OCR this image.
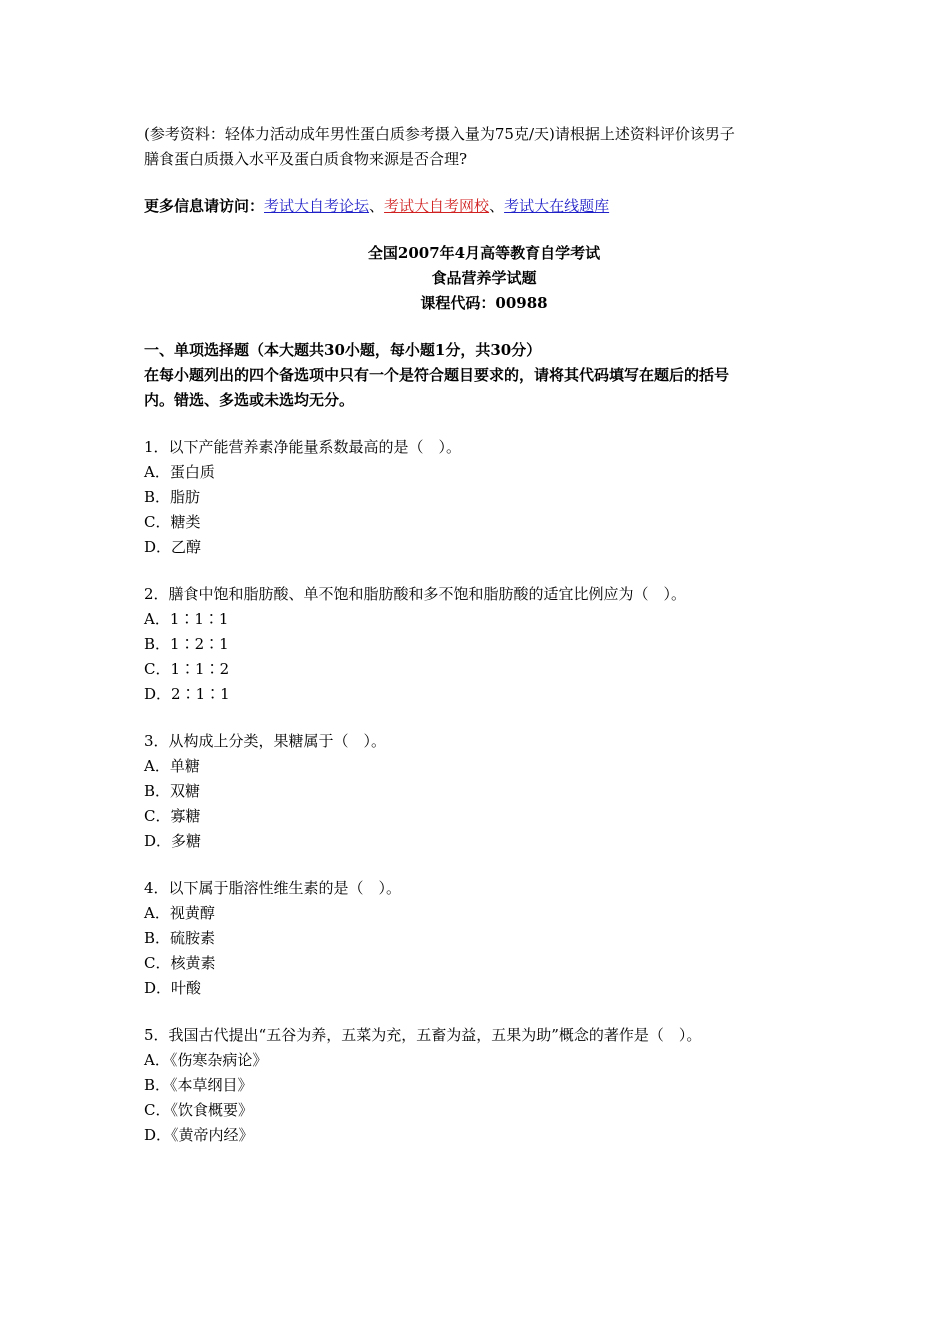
(参考资料：轻体力活动成年男性蛋白质参考摄入量为75克/天)请根据上述资料评价该男子
膳食蛋白质摄入水平及蛋白质食物来源是否合理?
更多信息请访问：考试大自考论坛、考试大自考网校、考试大在线题库
全国2007年4月高等教育自学考试
食品营养学试题
课程代码：00988
一、单项选择题（本大题共30小题，每小题1分，共30分）
在每小题列出的四个备选项中只有一个是符合题目要求的，请将其代码填写在题后的括号
内。错选、多选或未选均无分。
1．以下产能营养素净能量系数最高的是（　）。
A．蛋白质
B．脂肪
C．糖类
D．乙醇
2．膳食中饱和脂肪酸、单不饱和脂肪酸和多不饱和脂肪酸的适宜比例应为（　）。
A．1∶1∶1
B．1∶2∶1
C．1∶1∶2
D．2∶1∶1
3．从构成上分类，果糖属于（　）。
A．单糖
B．双糖
C．寡糖
D．多糖
4．以下属于脂溶性维生素的是（　）。
A．视黄醇
B．硫胺素
C．核黄素
D．叶酸
5．我国古代提出“五谷为养，五菜为充，五畜为益，五果为助”概念的著作是（　）。
A．《伤寒杂病论》
B．《本草纲目》
C．《饮食概要》
D．《黄帝内经》
